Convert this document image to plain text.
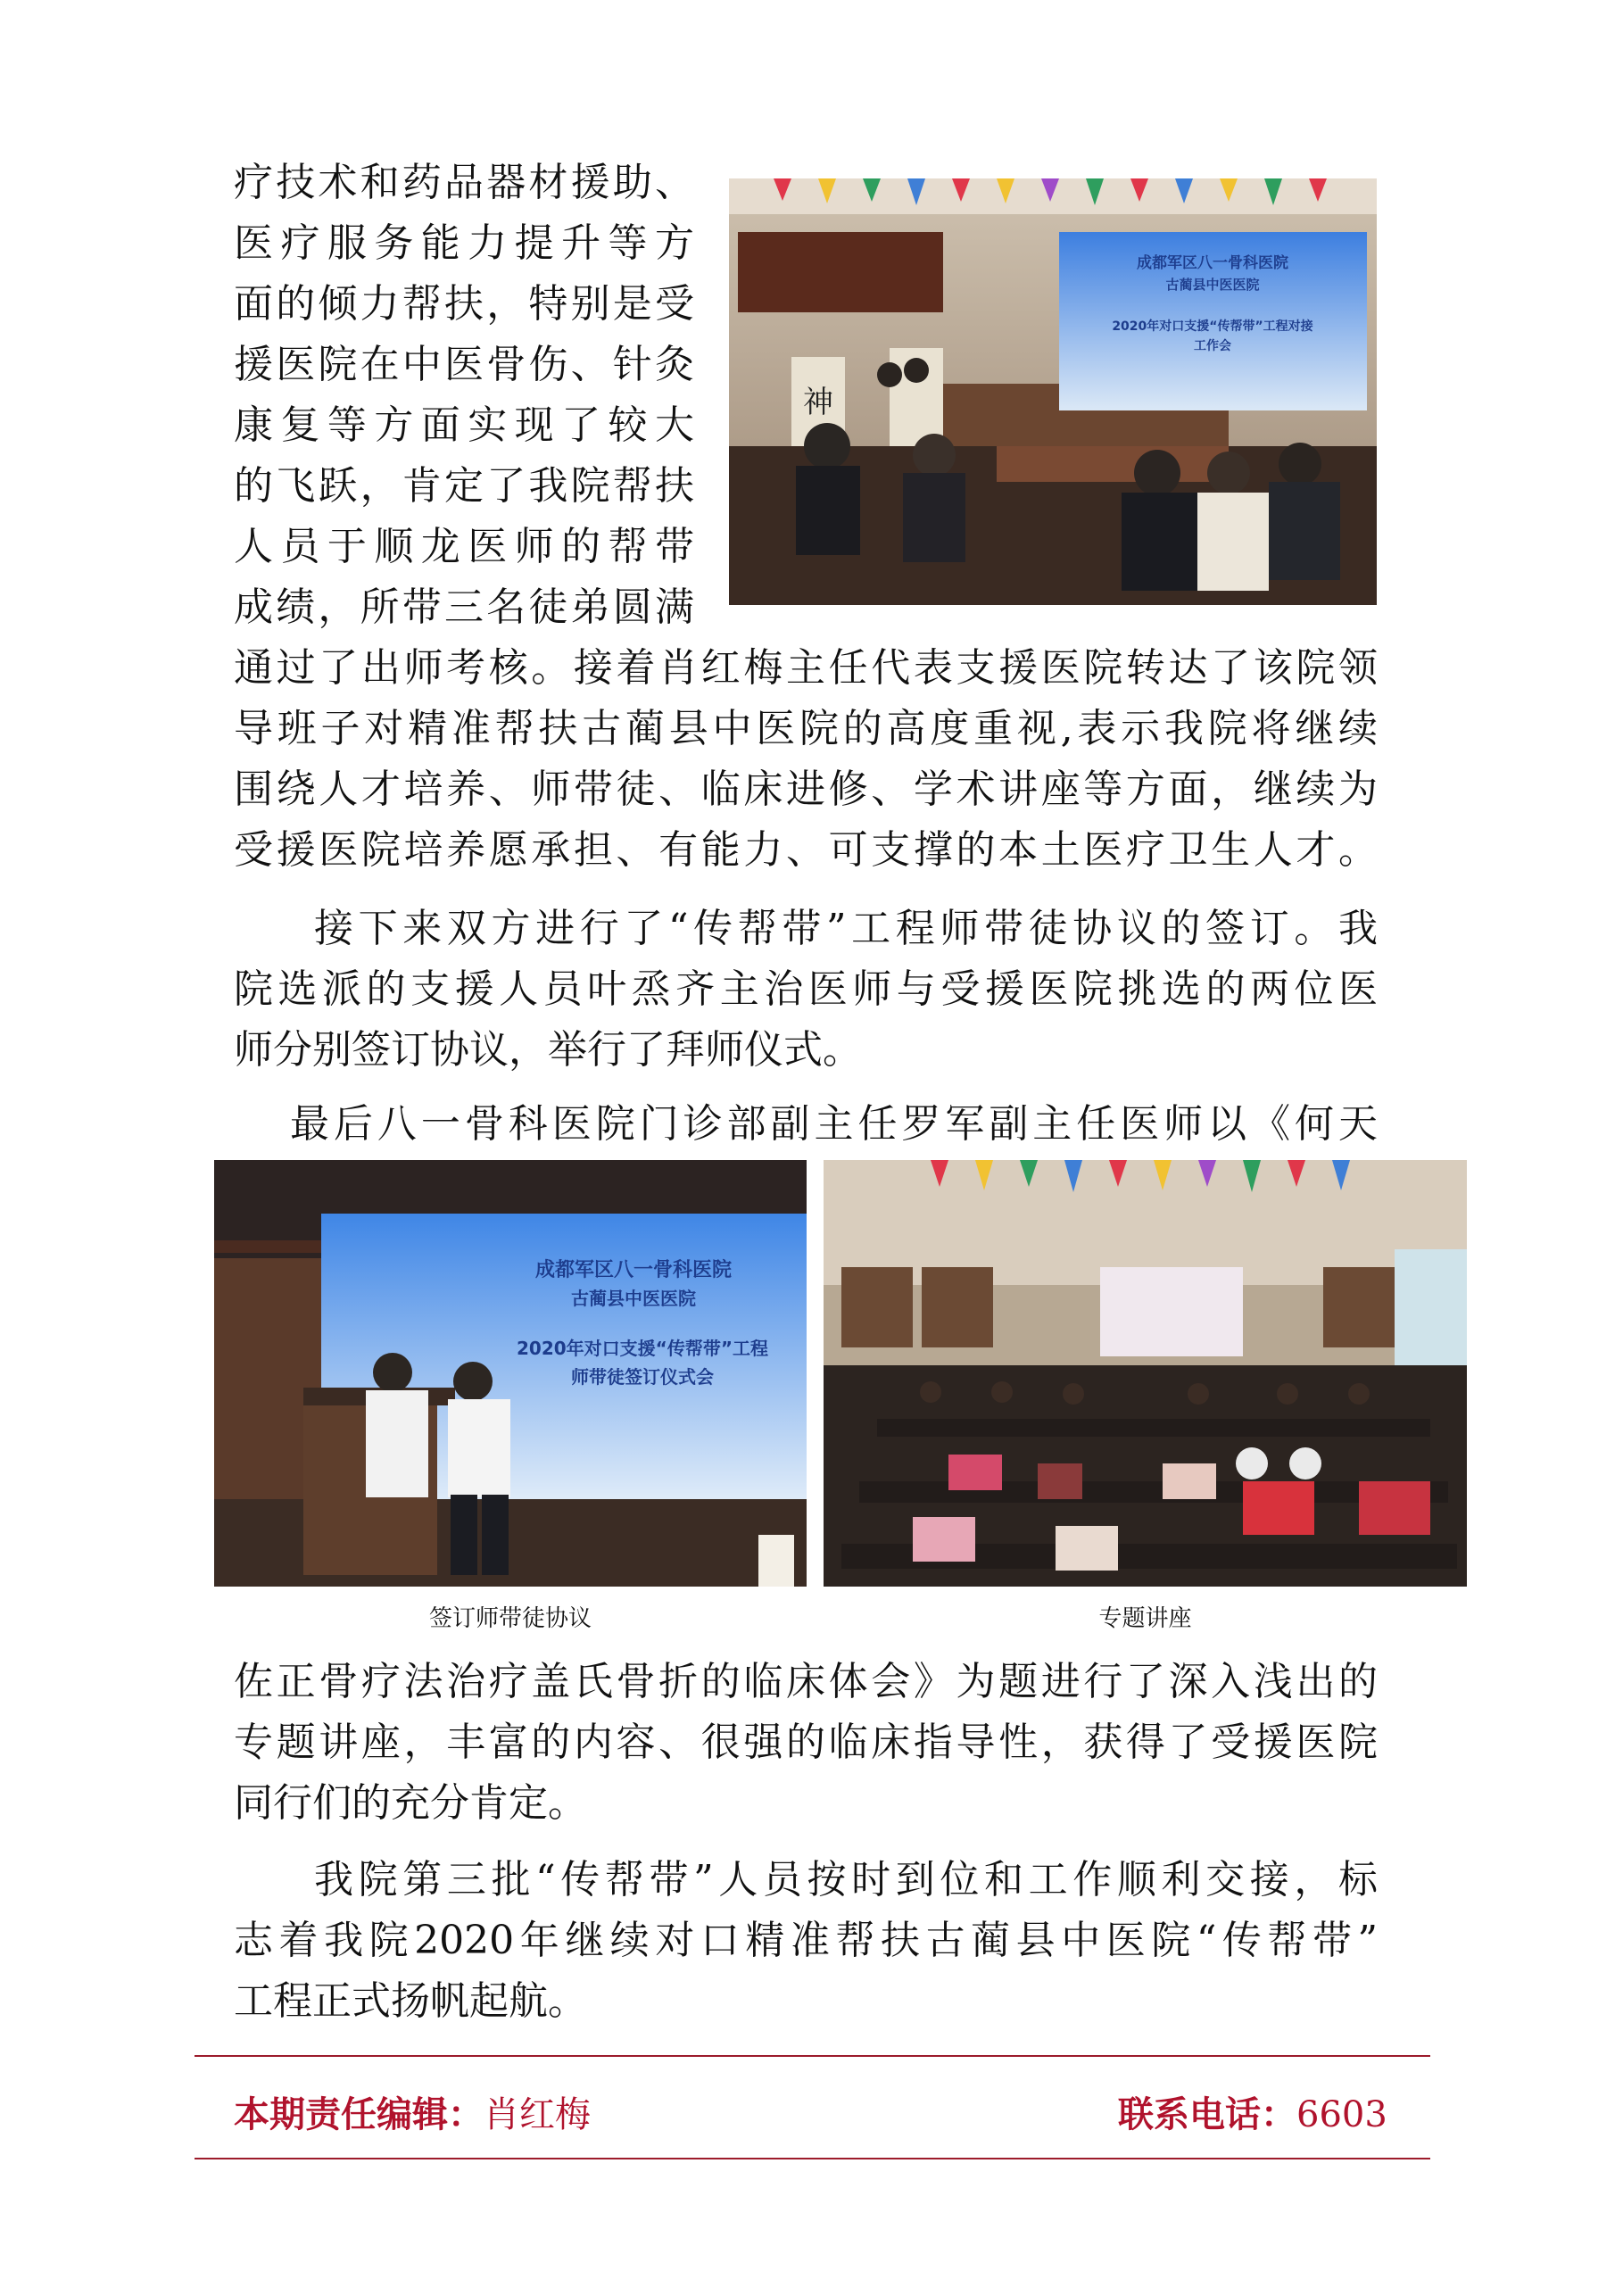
疗技术和药品器材援助、
医疗服务能力提升等方
面的倾力帮扶，特别是受
援医院在中医骨伤、针灸
康复等方面实现了较大
的飞跃，肯定了我院帮扶
人员于顺龙医师的帮带
成绩，所带三名徒弟圆满
神
成都军区八一骨科医院
古蔺县中医医院
2020年对口支援“传帮带”工程对接
工作会
通过了出师考核。接着肖红梅主任代表支援医院转达了该院领
导班子对精准帮扶古蔺县中医院的高度重视,表示我院将继续
围绕人才培养、师带徒、临床进修、学术讲座等方面，继续为
受援医院培养愿承担、有能力、可支撑的本土医疗卫生人才。
接下来双方进行了“传帮带”工程师带徒协议的签订。我
院选派的支援人员叶烝齐主治医师与受援医院挑选的两位医
师分别签订协议，举行了拜师仪式。
最后八一骨科医院门诊部副主任罗军副主任医师以《何天
成都军区八一骨科医院
古蔺县中医医院
2020年对口支援“传帮带”工程
师带徒签订仪式会
签订师带徒协议	专题讲座
佐正骨疗法治疗盖氏骨折的临床体会》为题进行了深入浅出的
专题讲座，丰富的内容、很强的临床指导性，获得了受援医院
同行们的充分肯定。
我院第三批“传帮带”人员按时到位和工作顺利交接，标
志着我院2020年继续对口精准帮扶古蔺县中医院“传帮带”
工程正式扬帆起航。
本期责任编辑：肖红梅	联系电话：6603
